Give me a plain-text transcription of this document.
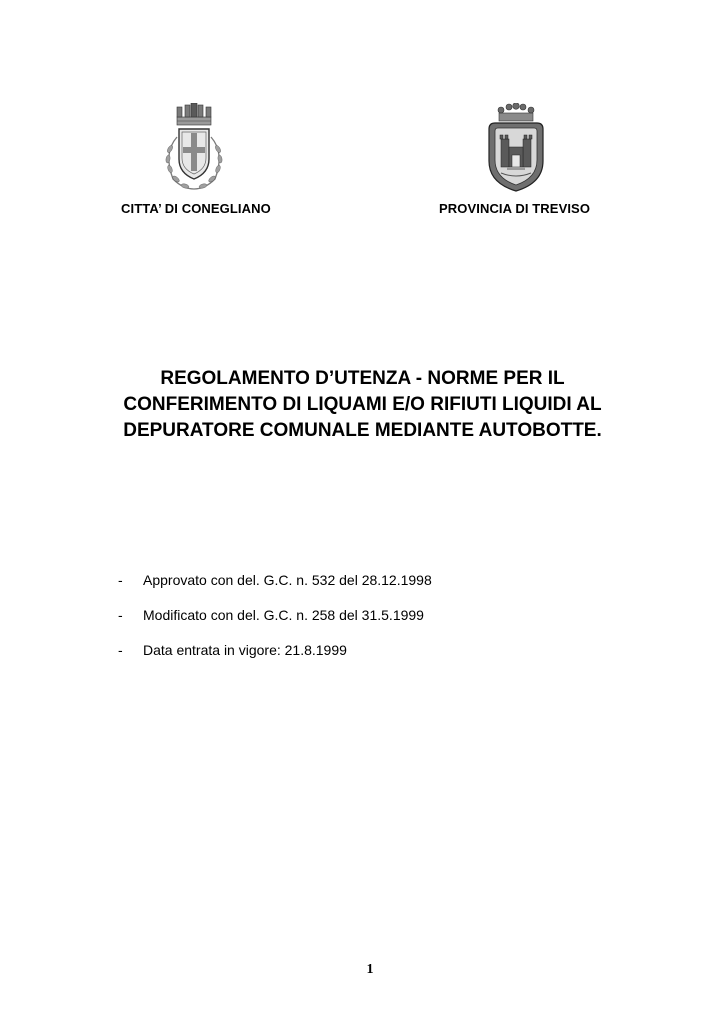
CITTA’ DI CONEGLIANO	PROVINCIA DI TREVISO
REGOLAMENTO D’UTENZA - NORME PER IL
CONFERIMENTO DI LIQUAMI E/O RIFIUTI LIQUIDI AL
DEPURATORE COMUNALE MEDIANTE AUTOBOTTE.
- Approvato con del. G.C. n. 532 del 28.12.1998
- Modificato con del. G.C. n. 258 del 31.5.1999
- Data entrata in vigore: 21.8.1999
1
